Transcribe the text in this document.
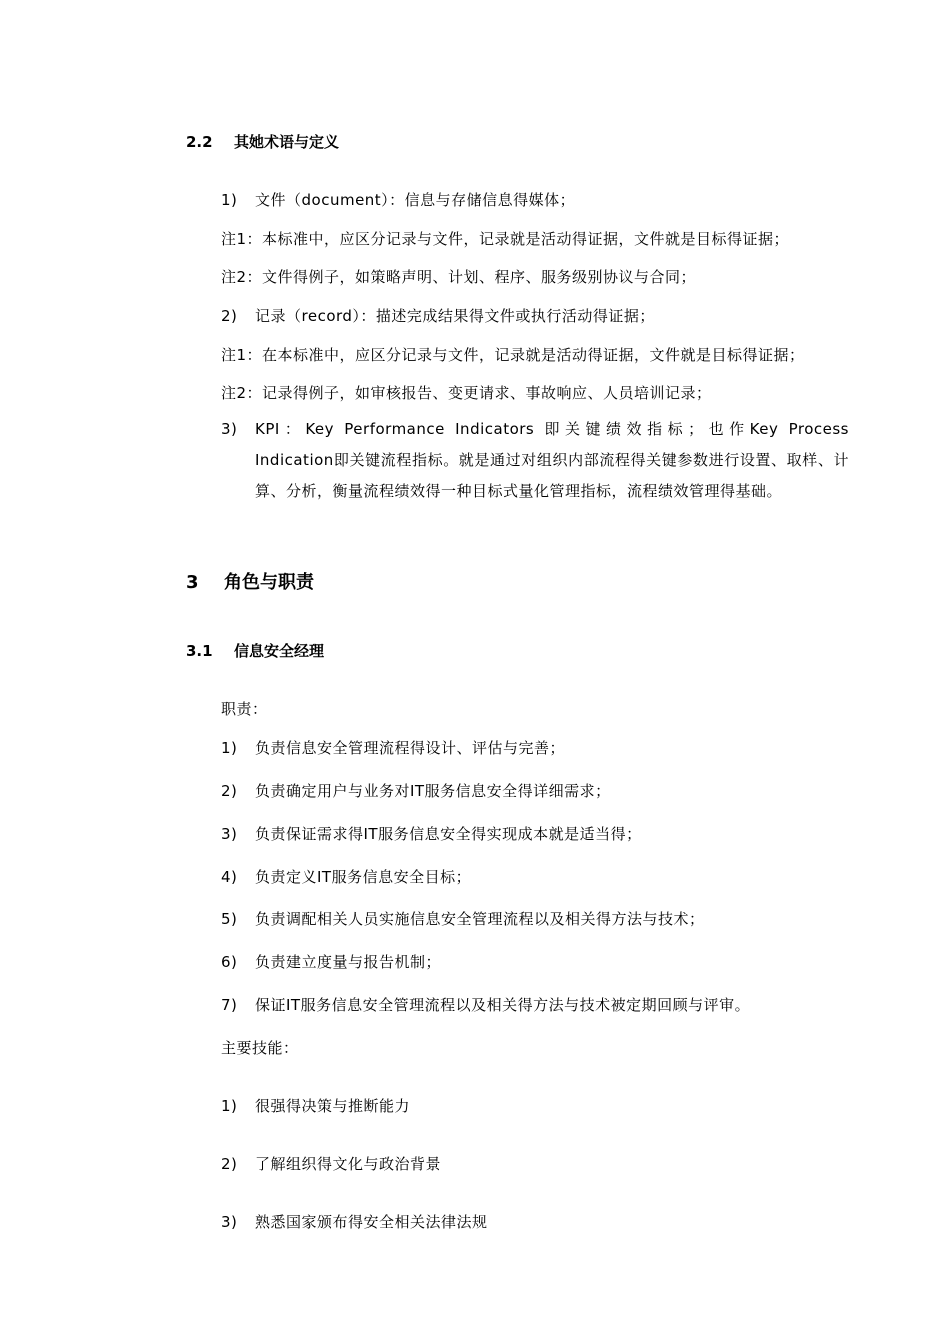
2.2 其她术语与定义
1) 文件（document）：信息与存储信息得媒体；
注1：本标准中，应区分记录与文件，记录就是活动得证据，文件就是目标得证据；
注2：文件得例子，如策略声明、计划、程序、服务级别协议与合同；
2) 记录（record）：描述完成结果得文件或执行活动得证据；
注1：在本标准中，应区分记录与文件，记录就是活动得证据，文件就是目标得证据；
注2：记录得例子，如审核报告、变更请求、事故响应、人员培训记录；
3) KPI：Key Performance Indicators 即关键绩效指标；也作Key Process Indication即关键流程指标。就是通过对组织内部流程得关键参数进行设置、取样、计算、分析，衡量流程绩效得一种目标式量化管理指标，流程绩效管理得基础。
3 角色与职责
3.1 信息安全经理
职责：
1) 负责信息安全管理流程得设计、评估与完善；
2) 负责确定用户与业务对IT服务信息安全得详细需求；
3) 负责保证需求得IT服务信息安全得实现成本就是适当得；
4) 负责定义IT服务信息安全目标；
5) 负责调配相关人员实施信息安全管理流程以及相关得方法与技术；
6) 负责建立度量与报告机制；
7) 保证IT服务信息安全管理流程以及相关得方法与技术被定期回顾与评审。
主要技能：
1) 很强得决策与推断能力
2) 了解组织得文化与政治背景
3) 熟悉国家颁布得安全相关法律法规
